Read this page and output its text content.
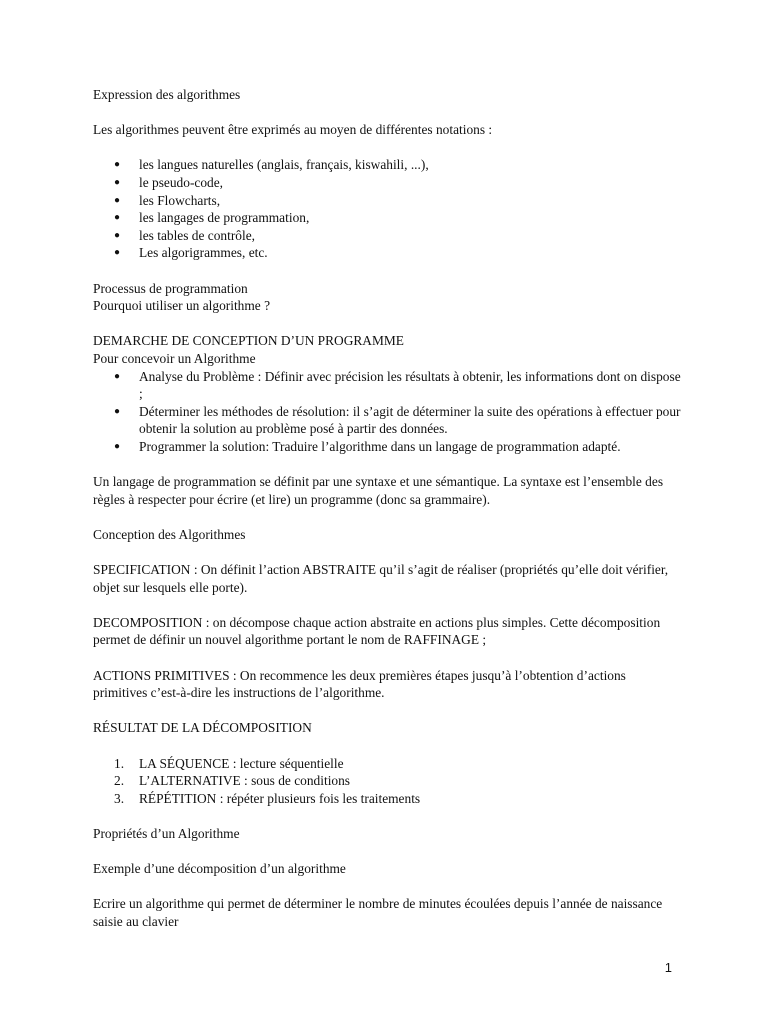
Expression des algorithmes

Les algorithmes peuvent être exprimés au moyen de différentes notations :

● les langues naturelles (anglais, français, kiswahili, ...),
● le pseudo-code,
● les Flowcharts,
● les langages de programmation,
● les tables de contrôle,
● Les algorigrammes, etc.

Processus de programmation

Pourquoi utiliser un algorithme ?

DEMARCHE DE CONCEPTION D’UN PROGRAMME

Pour concevoir un Algorithme

● Analyse du Problème : Définir avec précision les résultats à obtenir, les informations dont on dispose ;
● Déterminer les méthodes de résolution: il s’agit de déterminer la suite des opérations à effectuer pour obtenir la solution au problème posé à partir des données.
● Programmer la solution: Traduire l’algorithme dans un langage de programmation adapté.

Un langage de programmation se définit par une syntaxe et une sémantique. La syntaxe est l’ensemble des règles à respecter pour écrire (et lire) un programme (donc sa grammaire).

Conception des Algorithmes

SPECIFICATION : On définit l’action ABSTRAITE qu’il s’agit de réaliser (propriétés qu’elle doit vérifier, objet sur lesquels elle porte).

DECOMPOSITION : on décompose chaque action abstraite en actions plus simples. Cette décomposition permet de définir un nouvel algorithme portant le nom de RAFFINAGE ;

ACTIONS PRIMITIVES : On recommence les deux premières étapes jusqu’à l’obtention d’actions primitives c’est-à-dire les instructions de l’algorithme.

RÉSULTAT DE LA DÉCOMPOSITION

1. LA SÉQUENCE : lecture séquentielle
2. L’ALTERNATIVE : sous de conditions
3. RÉPÉTITION : répéter plusieurs fois les traitements

Propriétés d’un Algorithme

Exemple d’une décomposition d’un algorithme

Ecrire un algorithme qui permet de déterminer le nombre de minutes écoulées depuis l’année de naissance saisie au clavier

1
